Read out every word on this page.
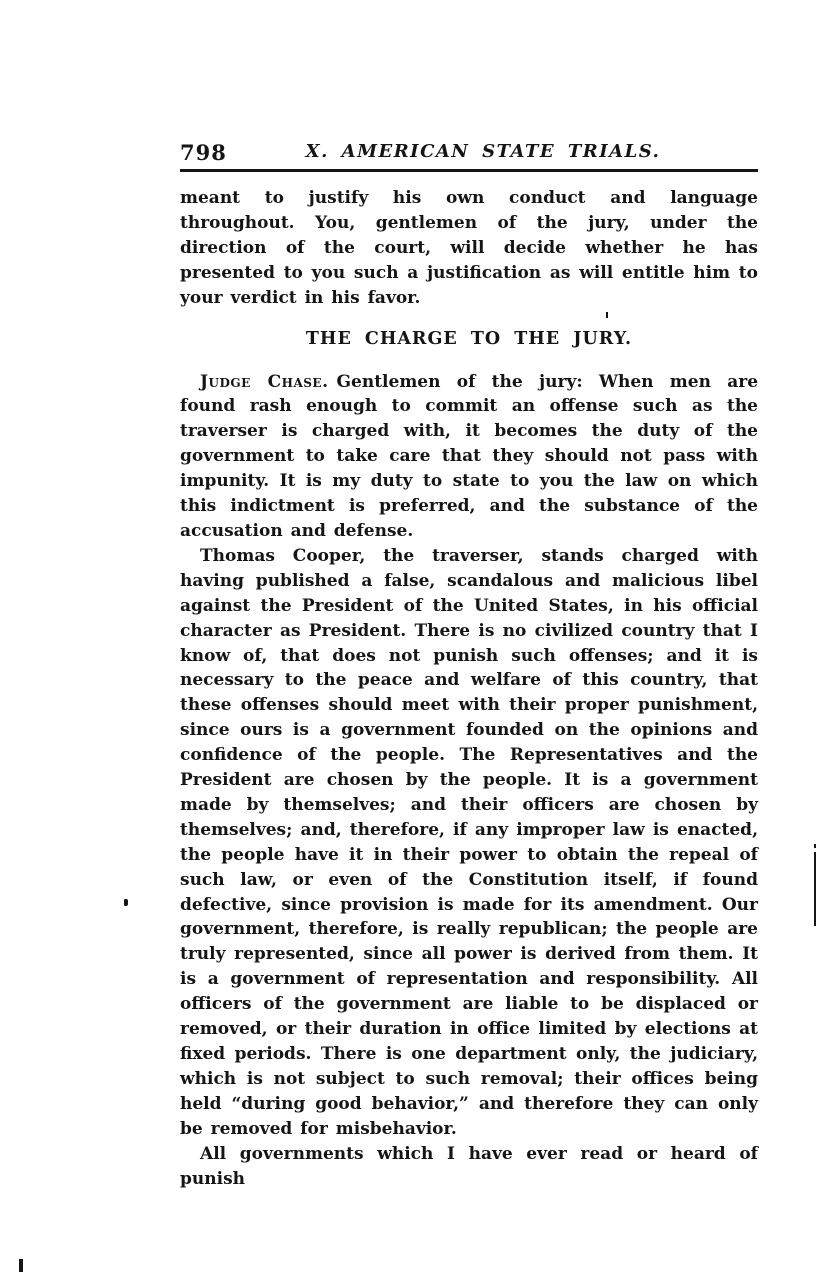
798	X. AMERICAN STATE TRIALS.

meant to justify his own conduct and language throughout. You, gentlemen of the jury, under the direction of the court, will decide whether he has presented to you such a justification as will entitle him to your verdict in his favor.

THE CHARGE TO THE JURY.

Judge Chase. Gentlemen of the jury: When men are found rash enough to commit an offense such as the traverser is charged with, it becomes the duty of the government to take care that they should not pass with impunity. It is my duty to state to you the law on which this indictment is preferred, and the substance of the accusation and defense.

Thomas Cooper, the traverser, stands charged with having published a false, scandalous and malicious libel against the President of the United States, in his official character as President. There is no civilized country that I know of, that does not punish such offenses; and it is necessary to the peace and welfare of this country, that these offenses should meet with their proper punishment, since ours is a government founded on the opinions and confidence of the people. The Representatives and the President are chosen by the people. It is a government made by themselves; and their officers are chosen by themselves; and, therefore, if any improper law is enacted, the people have it in their power to obtain the repeal of such law, or even of the Constitution itself, if found defective, since provision is made for its amendment. Our government, therefore, is really republican; the people are truly represented, since all power is derived from them. It is a government of representation and responsibility. All officers of the government are liable to be displaced or removed, or their duration in office limited by elections at fixed periods. There is one department only, the judiciary, which is not subject to such removal; their offices being held “during good behavior,” and therefore they can only be removed for misbehavior.

All governments which I have ever read or heard of punish
